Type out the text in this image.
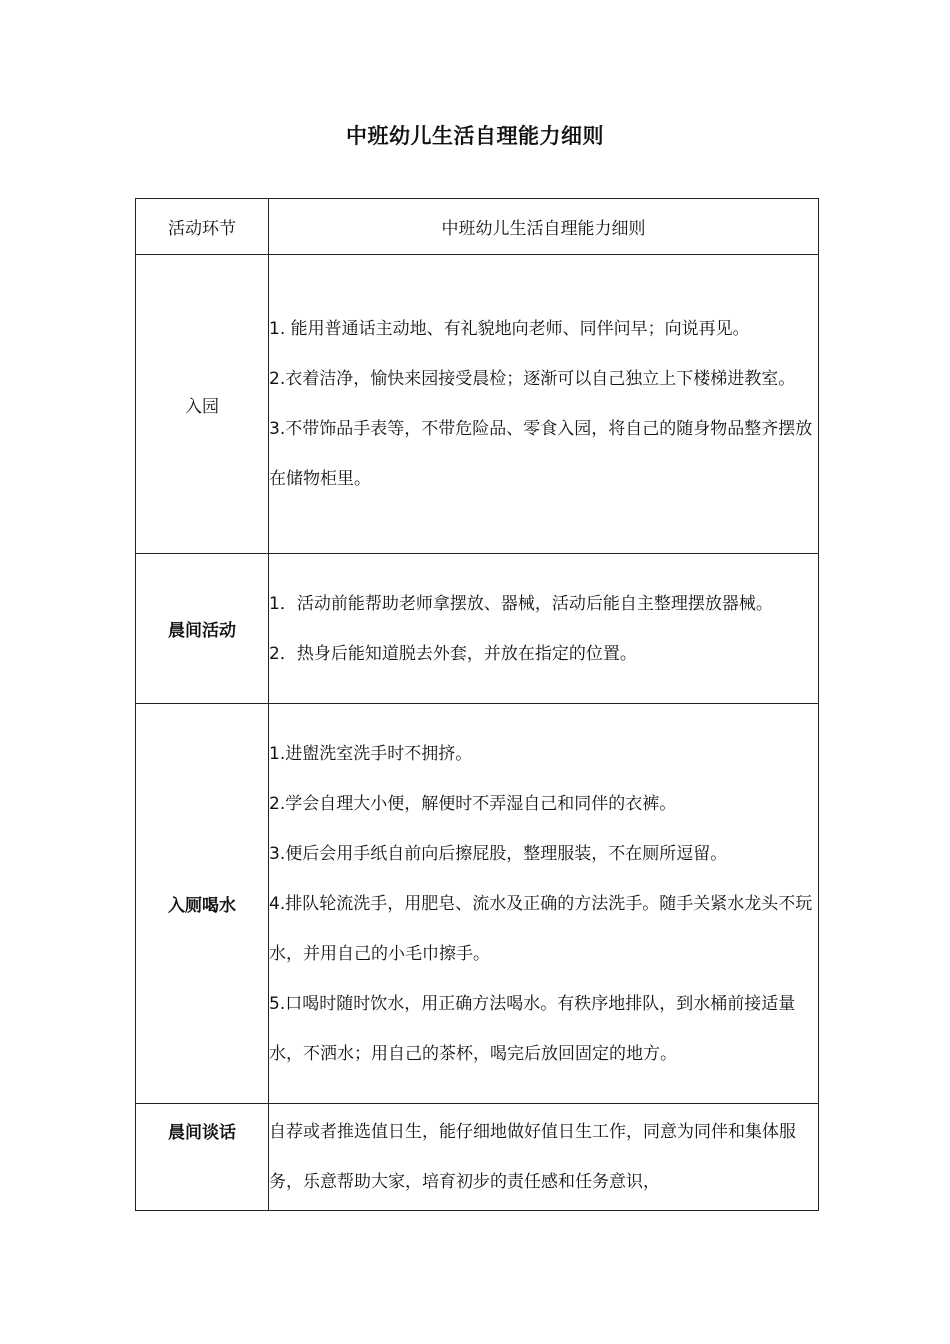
中班幼儿生活自理能力细则
活动环节	中班幼儿生活自理能力细则
入园	1. 能用普通话主动地、有礼貌地向老师、同伴问早；向说再见。

2.衣着洁净，愉快来园接受晨检；逐渐可以自己独立上下楼梯进教室。

3.不带饰品手表等，不带危险品、零食入园，将自己的随身物品整齐摆放在储物柜里。

晨间活动	1．活动前能帮助老师拿摆放、器械，活动后能自主整理摆放器械。

2．热身后能知道脱去外套，并放在指定的位置。

入厕喝水	1.进盥洗室洗手时不拥挤。

2.学会自理大小便，解便时不弄湿自己和同伴的衣裤。

3.便后会用手纸自前向后擦屁股，整理服装，不在厕所逗留。

4.排队轮流洗手，用肥皂、流水及正确的方法洗手。随手关紧水龙头不玩水，并用自己的小毛巾擦手。

5.口喝时随时饮水，用正确方法喝水。有秩序地排队，到水桶前接适量水，不洒水；用自己的茶杯，喝完后放回固定的地方。

晨间谈话	自荐或者推选值日生，能仔细地做好值日生工作，同意为同伴和集体服务，乐意帮助大家，培育初步的责任感和任务意识，
